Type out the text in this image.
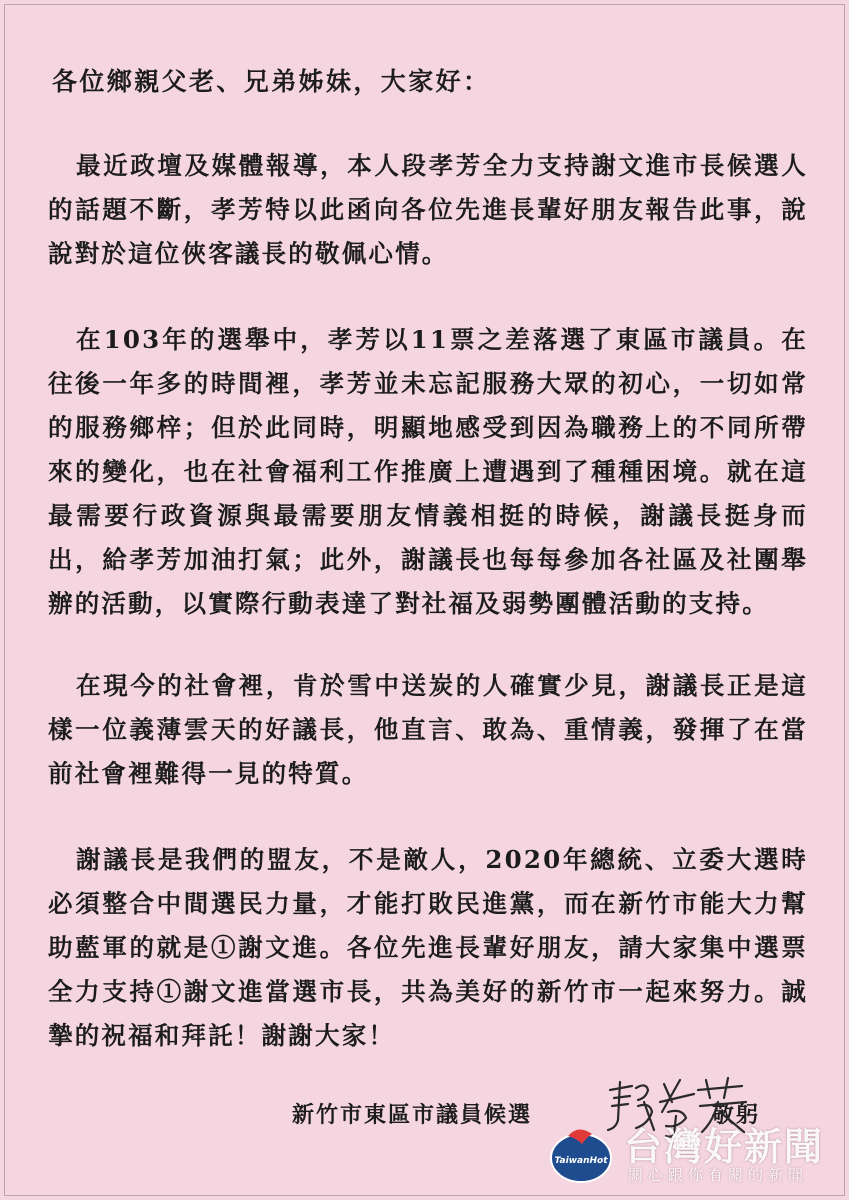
各位鄉親父老、兄弟姊妹，大家好：

最近政壇及媒體報導，本人段孝芳全力支持謝文進市長候選人的話題不斷，孝芳特以此函向各位先進長輩好朋友報告此事，說說對於這位俠客議長的敬佩心情。

在103年的選舉中，孝芳以11票之差落選了東區市議員。在往後一年多的時間裡，孝芳並未忘記服務大眾的初心，一切如常的服務鄉梓；但於此同時，明顯地感受到因為職務上的不同所帶來的變化，也在社會福利工作推廣上遭遇到了種種困境。就在這最需要行政資源與最需要朋友情義相挺的時候，謝議長挺身而出，給孝芳加油打氣；此外，謝議長也每每參加各社區及社團舉辦的活動，以實際行動表達了對社福及弱勢團體活動的支持。

在現今的社會裡，肯於雪中送炭的人確實少見，謝議長正是這樣一位義薄雲天的好議長，他直言、敢為、重情義，發揮了在當前社會裡難得一見的特質。

謝議長是我們的盟友，不是敵人，2020年總統、立委大選時必須整合中間選民力量，才能打敗民進黨，而在新竹市能大力幫助藍軍的就是①謝文進。各位先進長輩好朋友，請大家集中選票全力支持①謝文進當選市長，共為美好的新竹市一起來努力。誠摯的祝福和拜託！謝謝大家！

新竹市東區市議員候選	敬躬
TaiwanHot 台灣好新聞
關心跟你有關的新聞
